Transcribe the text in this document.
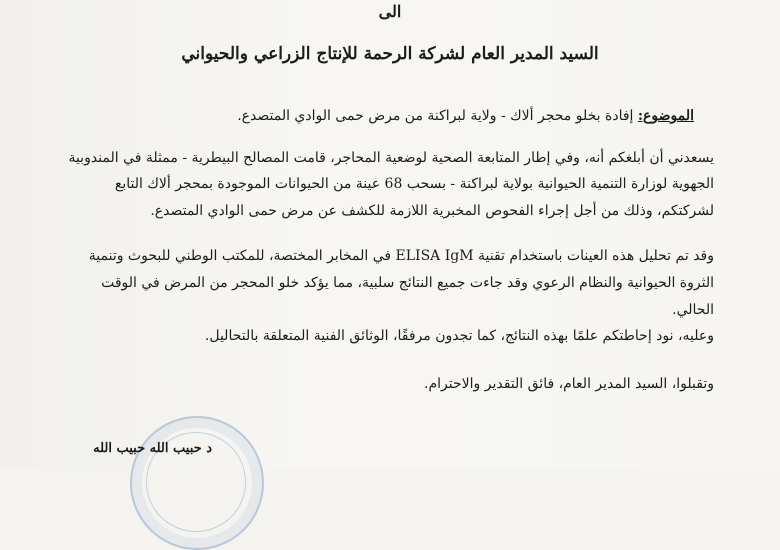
الى
السيد المدير العام لشركة الرحمة للإنتاج الزراعي والحيواني
الموضوع: إفادة بخلو محجر ألاك - ولاية لبراكنة من مرض حمى الوادي المتصدع.
يسعدني أن أبلغكم أنه، وفي إطار المتابعة الصحية لوضعية المحاجر، قامت المصالح البيطرية - ممثلة في المندوبية
الجهوية لوزارة التنمية الحيوانية بولاية لبراكنة - بسحب 68 عينة من الحيوانات الموجودة بمحجر ألاك التابع
لشركتكم، وذلك من أجل إجراء الفحوص المخبرية اللازمة للكشف عن مرض حمى الوادي المتصدع.
وقد تم تحليل هذه العينات باستخدام تقنية ELISA IgM في المخابر المختصة، للمكتب الوطني للبحوث وتنمية
الثروة الحيوانية والنظام الرعوي وقد جاءت جميع النتائج سلبية، مما يؤكد خلو المحجر من المرض في الوقت
الحالي.
وعليه، نود إحاطتكم علمًا بهذه النتائج، كما تجدون مرفقًا، الوثائق الفنية المتعلقة بالتحاليل.
وتقبلوا، السيد المدير العام، فائق التقدير والاحترام.
د حبيب الله حبيب الله
